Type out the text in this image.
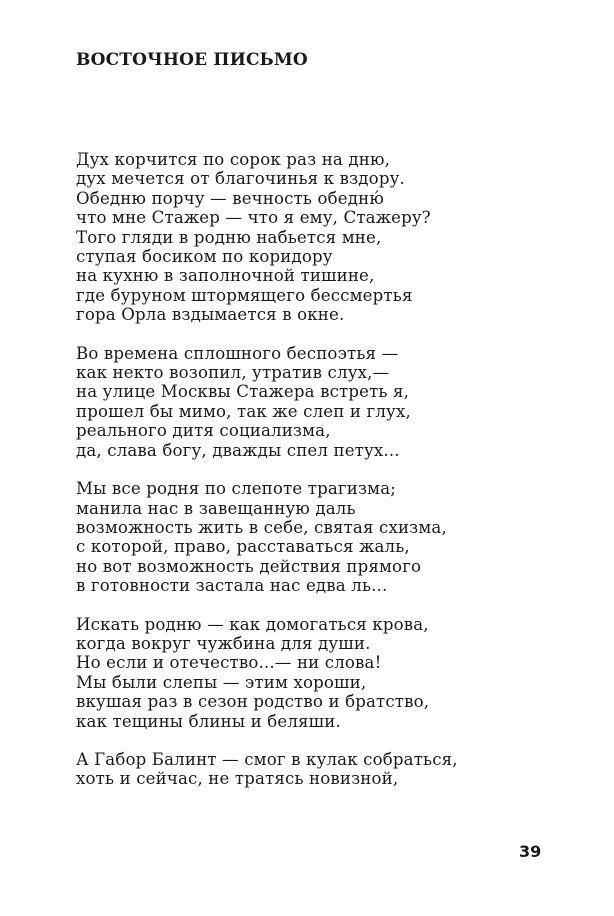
ВОСТОЧНОЕ ПИСЬМО
Дух корчится по сорок раз на дню,
дух мечется от благочинья к вздору.
Обедню порчу — вечность обедню́
что мне Стажер — что я ему, Стажеру?
Того гляди в родню набьется мне,
ступая босиком по коридору
на кухню в заполночной тишине,
где буруном штормящего бессмертья
гора Орла вздымается в окне.
Во времена сплошного беспоэтья —
как некто возопил, утратив слух,—
на улице Москвы Стажера встреть я,
прошел бы мимо, так же слеп и глух,
реального дитя социализма,
да, слава богу, дважды спел петух...
Мы все родня по слепоте трагизма;
манила нас в завещанную даль
возможность жить в себе, святая схизма,
с которой, право, расставаться жаль,
но вот возможность действия прямого
в готовности застала нас едва ль...
Искать родню — как домогаться крова,
когда вокруг чужбина для души.
Но если и отечество...— ни слова!
Мы были слепы — этим хороши,
вкушая раз в сезон родство и братство,
как тещины блины и беляши.
А Габор Балинт — смог в кулак собраться,
хоть и сейчас, не тратясь новизной,
39
